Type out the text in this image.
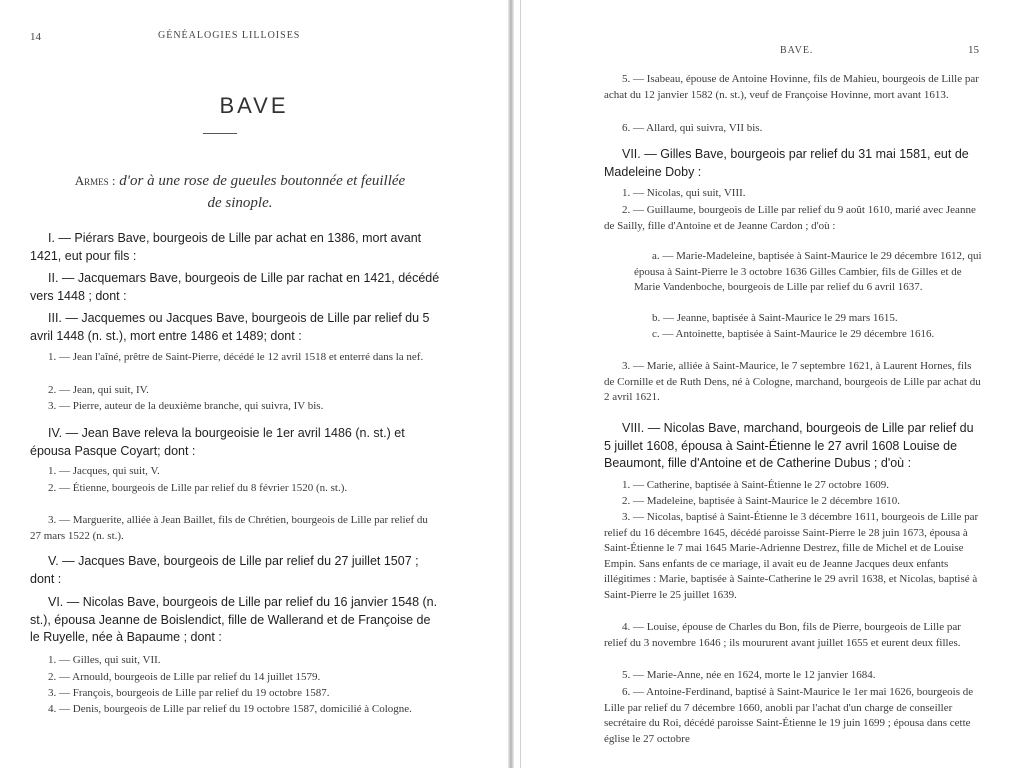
14	GÉNÉALOGIES LILLOISES
BAVE
Armes : d'or à une rose de gueules boutonnée et feuillée
de sinople.
I. — Piérars Bave, bourgeois de Lille par achat en 1386, mort avant 1421, eut pour fils :
II. — Jacquemars Bave, bourgeois de Lille par rachat en 1421, décédé vers 1448 ; dont :
III. — Jacquemes ou Jacques Bave, bourgeois de Lille par relief du 5 avril 1448 (n. st.), mort entre 1486 et 1489; dont :
1. — Jean l'aîné, prêtre de Saint-Pierre, décédé le 12 avril 1518 et enterré dans la nef.
2. — Jean, qui suit, IV.
3. — Pierre, auteur de la deuxième branche, qui suivra, IV bis.
IV. — Jean Bave releva la bourgeoisie le 1er avril 1486 (n. st.) et épousa Pasque Coyart; dont :
1. — Jacques, qui suit, V.
2. — Étienne, bourgeois de Lille par relief du 8 février 1520 (n. st.).
3. — Marguerite, alliée à Jean Baillet, fils de Chrétien, bourgeois de Lille par relief du 27 mars 1522 (n. st.).
V. — Jacques Bave, bourgeois de Lille par relief du 27 juillet 1507 ; dont :
VI. — Nicolas Bave, bourgeois de Lille par relief du 16 janvier 1548 (n. st.), épousa Jeanne de Boislendict, fille de Wallerand et de Françoise de le Ruyelle, née à Bapaume ; dont :
1. — Gilles, qui suit, VII.
2. — Arnould, bourgeois de Lille par relief du 14 juillet 1579.
3. — François, bourgeois de Lille par relief du 19 octobre 1587.
4. — Denis, bourgeois de Lille par relief du 19 octobre 1587, domicilié à Cologne.
BAVE.	15
5. — Isabeau, épouse de Antoine Hovinne, fils de Mahieu, bourgeois de Lille par achat du 12 janvier 1582 (n. st.), veuf de Françoise Hovinne, mort avant 1613.
6. — Allard, qui suivra, VII bis.
VII. — Gilles Bave, bourgeois par relief du 31 mai 1581, eut de Madeleine Doby :
1. — Nicolas, qui suit, VIII.
2. — Guillaume, bourgeois de Lille par relief du 9 août 1610, marié avec Jeanne de Sailly, fille d'Antoine et de Jeanne Cardon ; d'où :
a. — Marie-Madeleine, baptisée à Saint-Maurice le 29 décembre 1612, qui épousa à Saint-Pierre le 3 octobre 1636 Gilles Cambier, fils de Gilles et de Marie Vandenboche, bourgeois de Lille par relief du 6 avril 1637.
b. — Jeanne, baptisée à Saint-Maurice le 29 mars 1615.
c. — Antoinette, baptisée à Saint-Maurice le 29 décembre 1616.
3. — Marie, alliée à Saint-Maurice, le 7 septembre 1621, à Laurent Hornes, fils de Cornille et de Ruth Dens, né à Cologne, marchand, bourgeois de Lille par achat du 2 avril 1621.
VIII. — Nicolas Bave, marchand, bourgeois de Lille par relief du 5 juillet 1608, épousa à Saint-Étienne le 27 avril 1608 Louise de Beaumont, fille d'Antoine et de Catherine Dubus ; d'où :
1. — Catherine, baptisée à Saint-Étienne le 27 octobre 1609.
2. — Madeleine, baptisée à Saint-Maurice le 2 décembre 1610.
3. — Nicolas, baptisé à Saint-Étienne le 3 décembre 1611, bourgeois de Lille par relief du 16 décembre 1645, décédé paroisse Saint-Pierre le 28 juin 1673, épousa à Saint-Étienne le 7 mai 1645 Marie-Adrienne Destrez, fille de Michel et de Louise Empin. Sans enfants de ce mariage, il avait eu de Jeanne Jacques deux enfants illégitimes : Marie, baptisée à Sainte-Catherine le 29 avril 1638, et Nicolas, baptisé à Saint-Pierre le 25 juillet 1639.
4. — Louise, épouse de Charles du Bon, fils de Pierre, bourgeois de Lille par relief du 3 novembre 1646 ; ils moururent avant juillet 1655 et eurent deux filles.
5. — Marie-Anne, née en 1624, morte le 12 janvier 1684.
6. — Antoine-Ferdinand, baptisé à Saint-Maurice le 1er mai 1626, bourgeois de Lille par relief du 7 décembre 1660, anobli par l'achat d'un charge de conseiller secrétaire du Roi, décédé paroisse Saint-Étienne le 19 juin 1699 ; épousa dans cette église le 27 octobre
